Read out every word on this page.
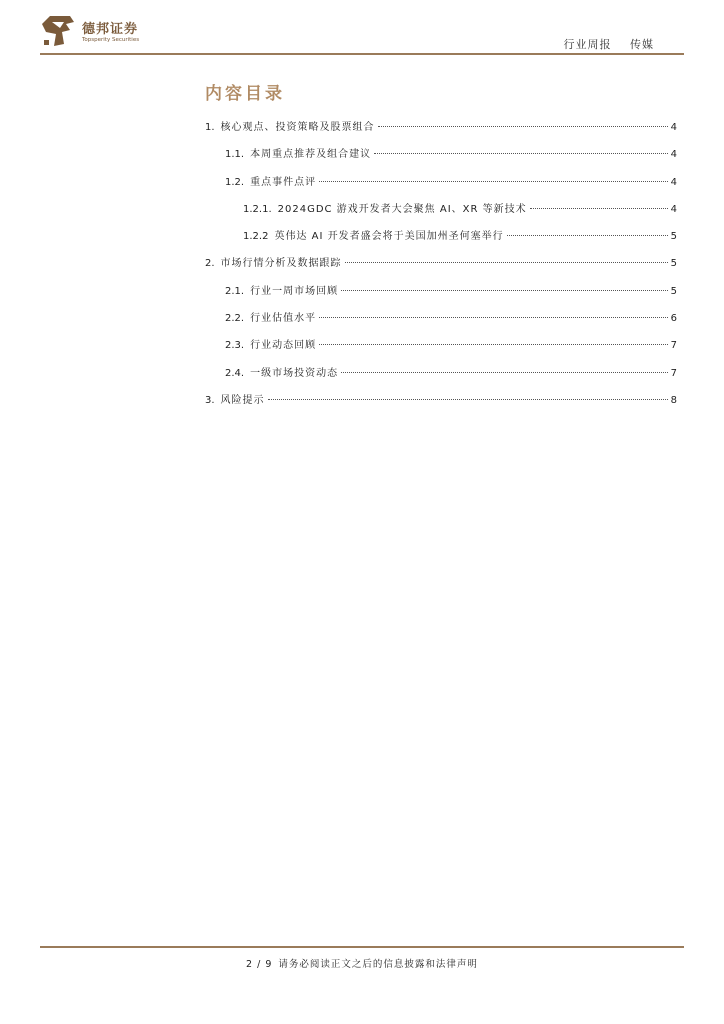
德邦证券
Topsperity Securities	行业周报 传媒
内容目录
1. 核心观点、投资策略及股票组合	4
1.1. 本周重点推荐及组合建议	4
1.2. 重点事件点评	4
1.2.1. 2024GDC 游戏开发者大会聚焦 AI、XR 等新技术	4
1.2.2 英伟达 AI 开发者盛会将于美国加州圣何塞举行	5
2. 市场行情分析及数据跟踪	5
2.1. 行业一周市场回顾	5
2.2. 行业估值水平	6
2.3. 行业动态回顾	7
2.4. 一级市场投资动态	7
3. 风险提示	8
2 / 9 请务必阅读正文之后的信息披露和法律声明
